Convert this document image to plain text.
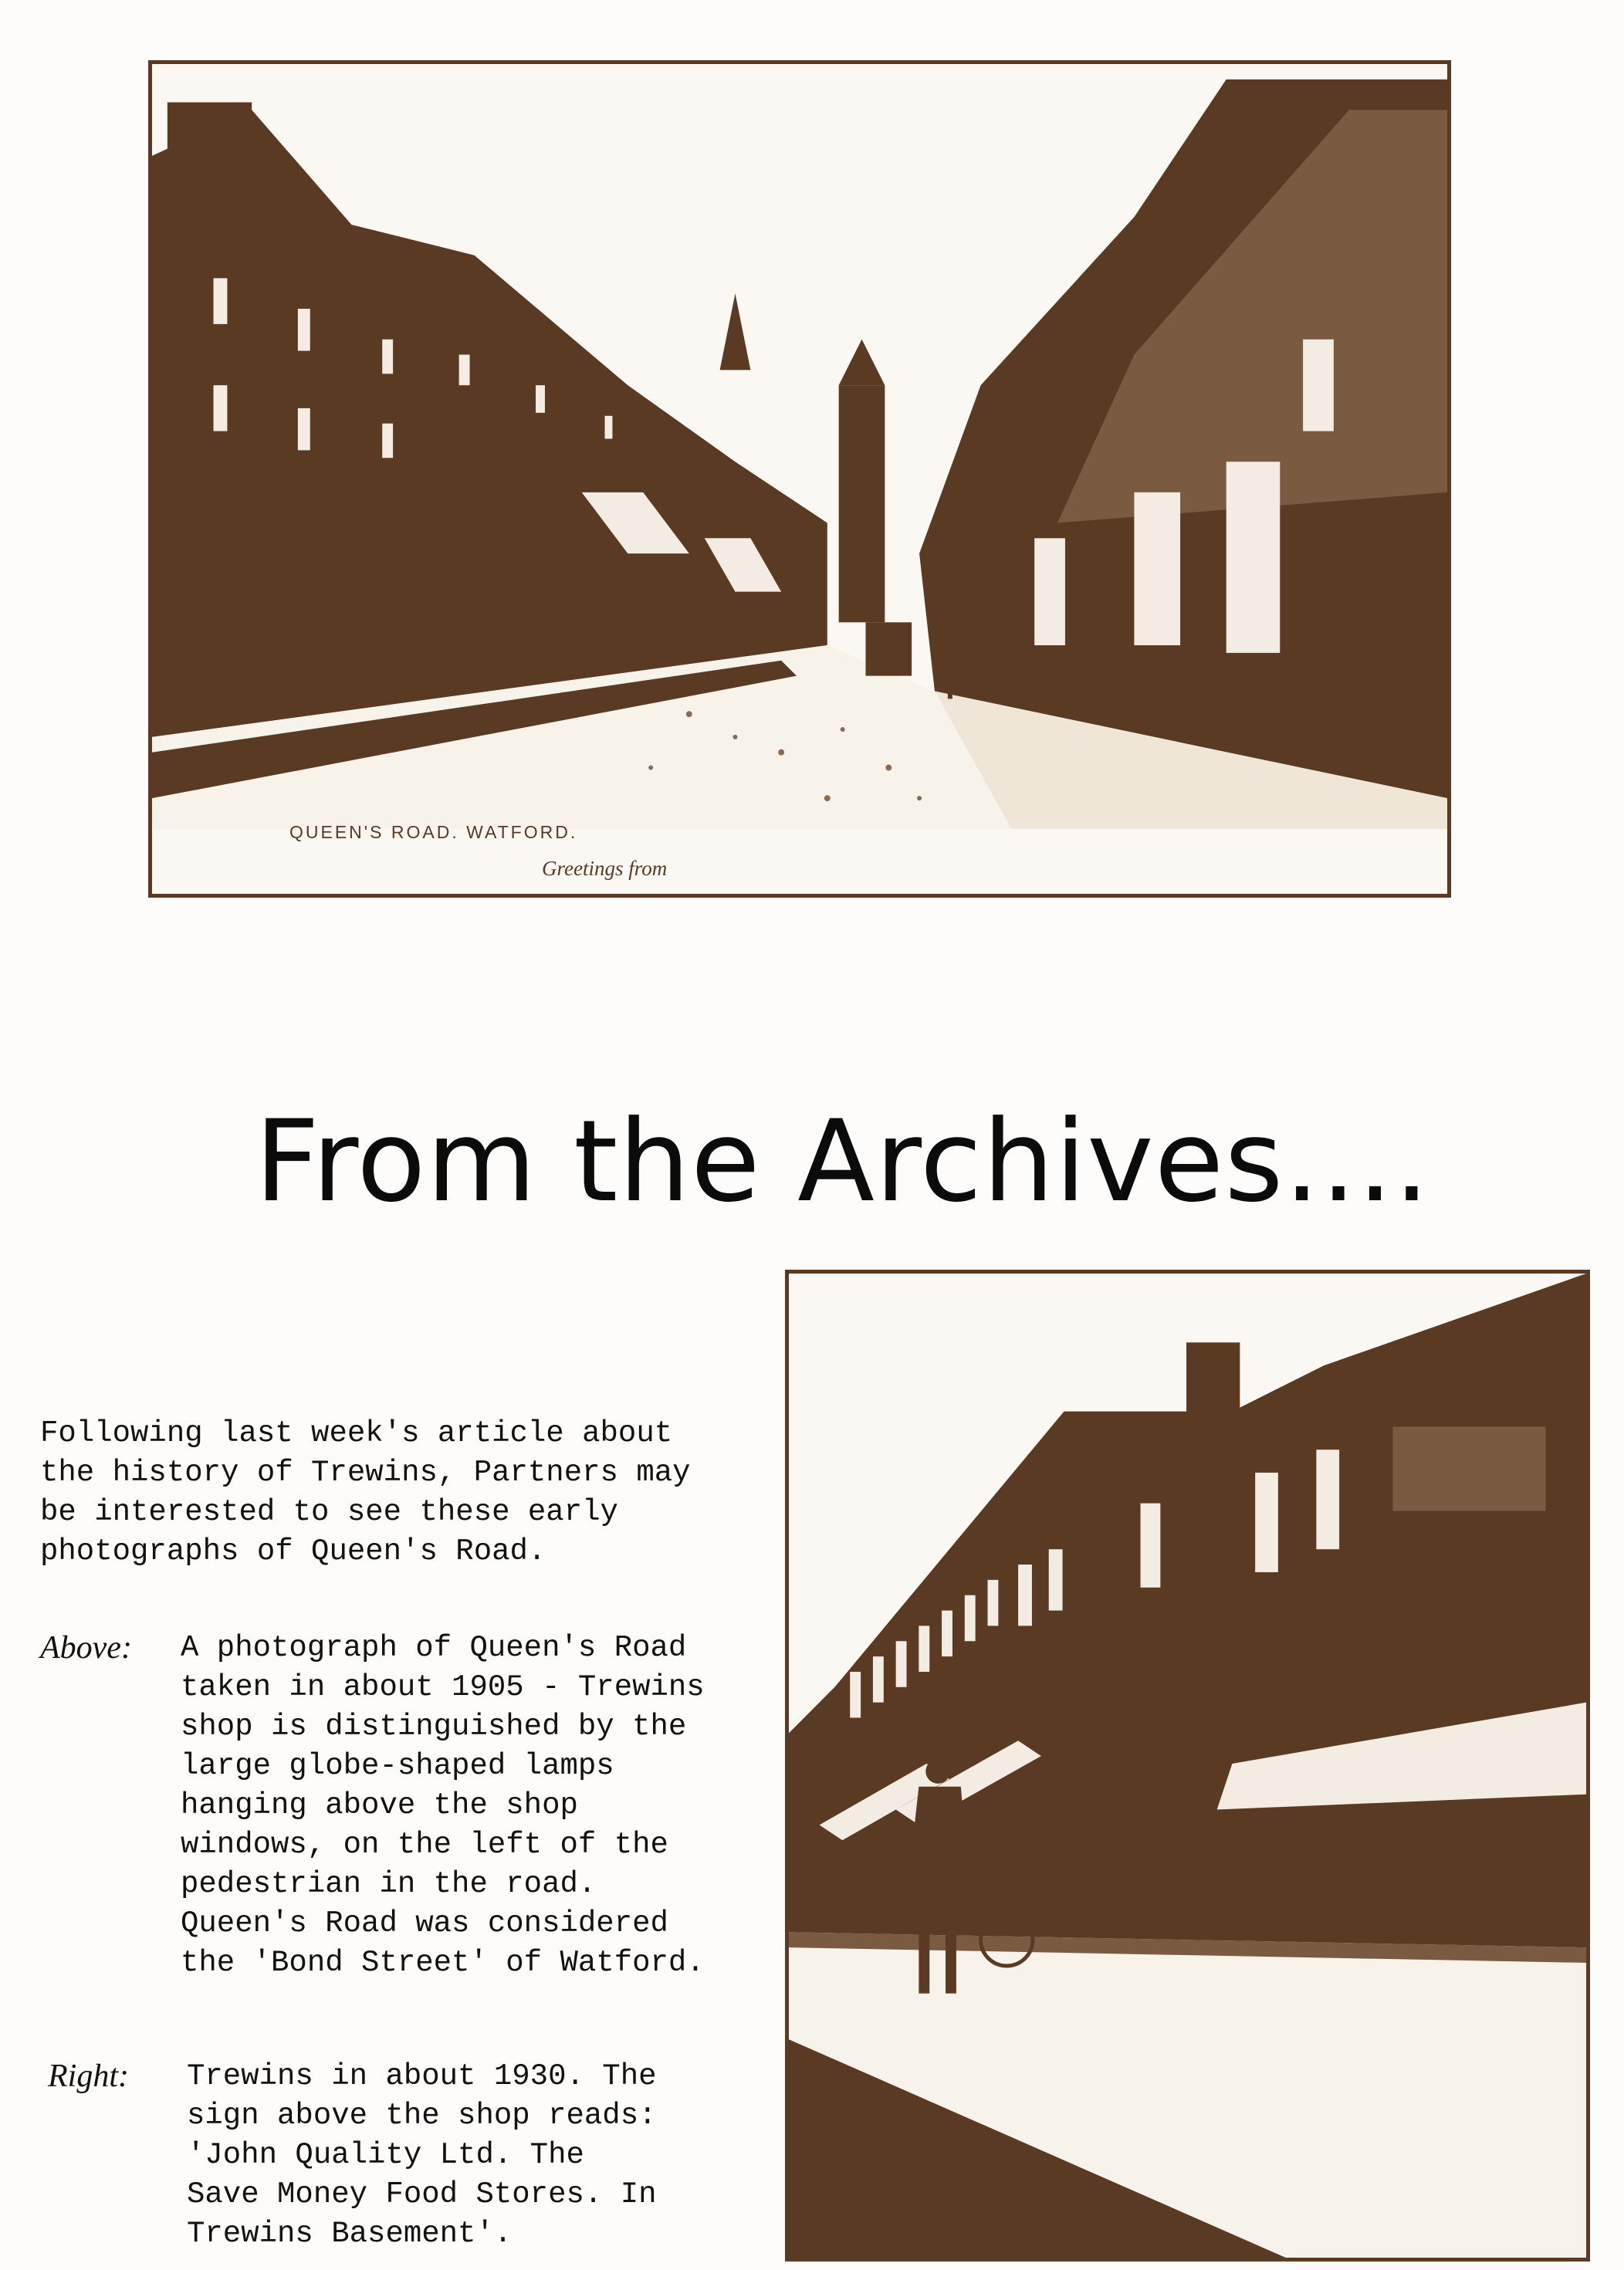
QUEEN'S ROAD. WATFORD.
Greetings from
From the Archives....
Following last week's article about
the history of Trewins, Partners may
be interested to see these early
photographs of Queen's Road.
Above: A photograph of Queen's Road
taken in about 1905 - Trewins
shop is distinguished by the
large globe-shaped lamps
hanging above the shop
windows, on the left of the
pedestrian in the road.
Queen's Road was considered
the 'Bond Street' of Watford.
Right: Trewins in about 1930. The
sign above the shop reads:
'John Quality Ltd. The
Save Money Food Stores. In
Trewins Basement'.
